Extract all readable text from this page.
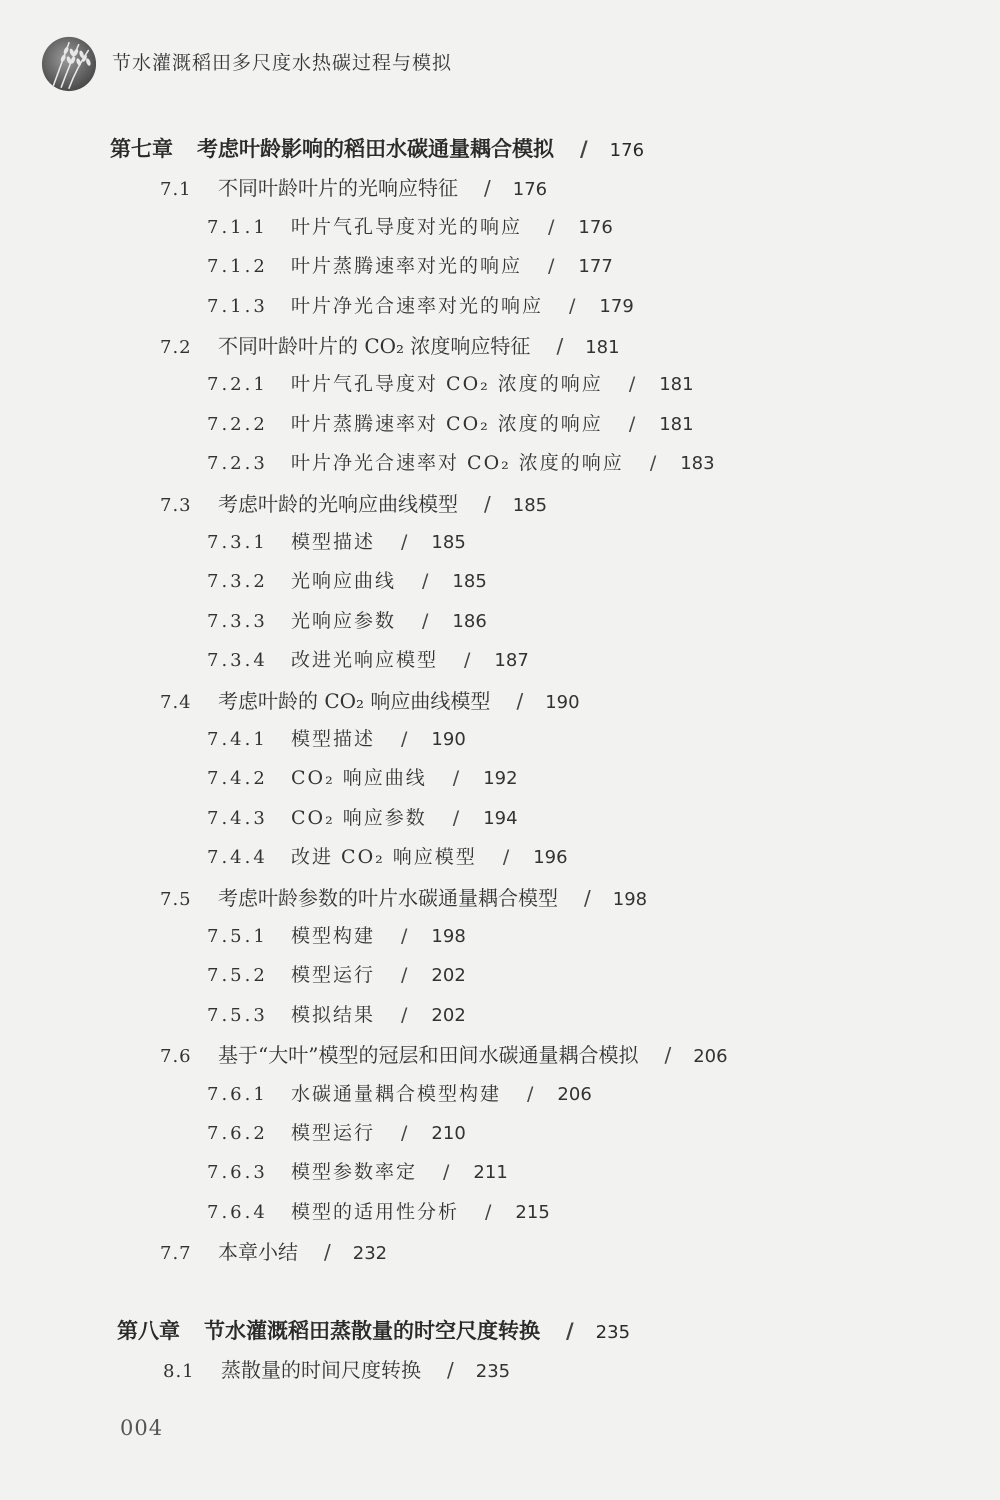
节水灌溉稻田多尺度水热碳过程与模拟
第七章 考虑叶龄影响的稻田水碳通量耦合模拟 / 176
7.1	不同叶龄叶片的光响应特征 / 176
7.1.1	叶片气孔导度对光的响应 / 176
7.1.2	叶片蒸腾速率对光的响应 / 177
7.1.3	叶片净光合速率对光的响应 / 179
7.2	不同叶龄叶片的 CO₂ 浓度响应特征 / 181
7.2.1	叶片气孔导度对 CO₂ 浓度的响应 / 181
7.2.2	叶片蒸腾速率对 CO₂ 浓度的响应 / 181
7.2.3	叶片净光合速率对 CO₂ 浓度的响应 / 183
7.3	考虑叶龄的光响应曲线模型 / 185
7.3.1	模型描述 / 185
7.3.2	光响应曲线 / 185
7.3.3	光响应参数 / 186
7.3.4	改进光响应模型 / 187
7.4	考虑叶龄的 CO₂ 响应曲线模型 / 190
7.4.1	模型描述 / 190
7.4.2	CO₂ 响应曲线 / 192
7.4.3	CO₂ 响应参数 / 194
7.4.4	改进 CO₂ 响应模型 / 196
7.5	考虑叶龄参数的叶片水碳通量耦合模型 / 198
7.5.1	模型构建 / 198
7.5.2	模型运行 / 202
7.5.3	模拟结果 / 202
7.6	基于“大叶”模型的冠层和田间水碳通量耦合模拟 / 206
7.6.1	水碳通量耦合模型构建 / 206
7.6.2	模型运行 / 210
7.6.3	模型参数率定 / 211
7.6.4	模型的适用性分析 / 215
7.7	本章小结 / 232
第八章 节水灌溉稻田蒸散量的时空尺度转换 / 235
8.1	蒸散量的时间尺度转换 / 235
004
